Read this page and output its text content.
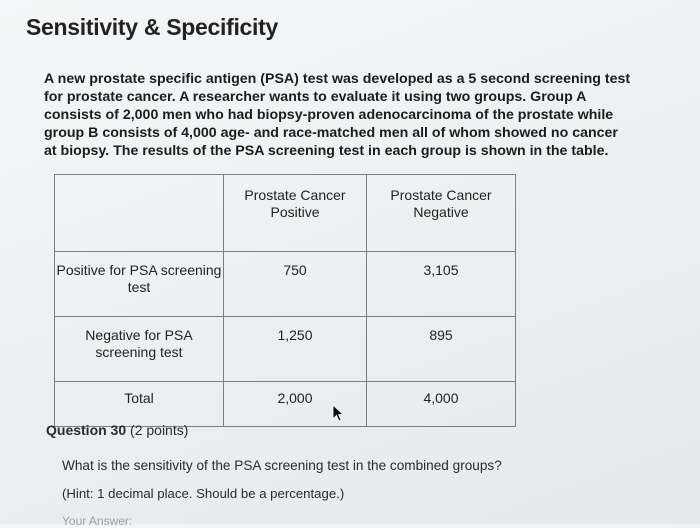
Sensitivity & Specificity
A new prostate specific antigen (PSA) test was developed as a 5 second screening test for prostate cancer. A researcher wants to evaluate it using two groups. Group A consists of 2,000 men who had biopsy-proven adenocarcinoma of the prostate while group B consists of 4,000 age- and race-matched men all of whom showed no cancer at biopsy. The results of the PSA screening test in each group is shown in the table.
	Prostate Cancer Positive	Prostate Cancer Negative
Positive for PSA screening test	750	3,105
Negative for PSA screening test	1,250	895
Total	2,000	4,000
Question 30 (2 points)
What is the sensitivity of the PSA screening test in the combined groups?
(Hint: 1 decimal place. Should be a percentage.)
Your Answer:
